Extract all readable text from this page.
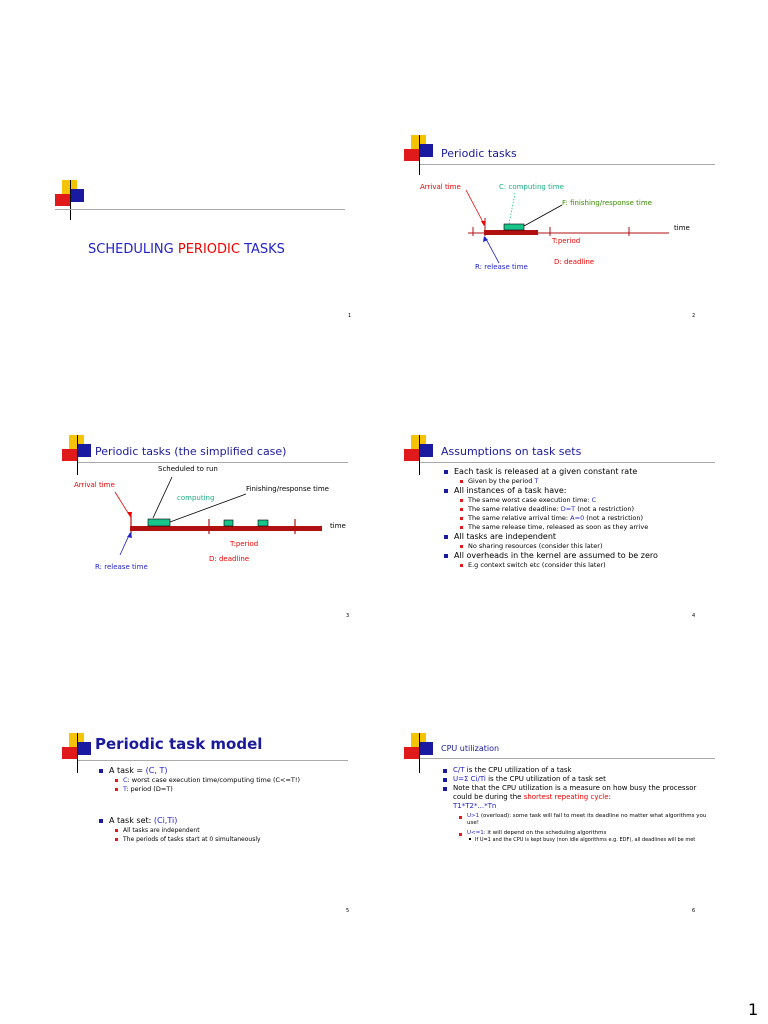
SCHEDULING PERIODIC TASKS
1
Periodic tasks
Arrival time	C: computing time
F: finishing/response time
time
T:period
D: deadline
R: release time
2
Periodic tasks (the simplified case)
Scheduled to run
Arrival time
computing
Finishing/response time
time
T:period
D: deadline
R: release time
3
Assumptions on task sets
Each task is released at a given constant rate
Given by the period T
All instances of a task have:
The same worst case execution time: C
The same relative deadline: D=T (not a restriction)
The same relative arrival time: A=0 (not a restriction)
The same release time, released as soon as they arrive
All tasks are independent
No sharing resources (consider this later)
All overheads in the kernel are assumed to be zero
E.g context switch etc (consider this later)
4
Periodic task model
A task = (C, T)
C: worst case execution time/computing time (C<=T!)
T: period (D=T)
A task set: (Ci,Ti)
All tasks are independent
The periods of tasks start at 0 simultaneously
5
CPU utilization
C/T is the CPU utilization of a task
U=Σ Ci/Ti is the CPU utilization of a task set
Note that the CPU utilization is a measure on how busy the processor could be during the shortest repeating cycle:
T1*T2*...*Tn
U>1 (overload): some task will fail to meet its deadline no matter what algorithms you use!
U<=1: it will depend on the scheduling algorithms
If U=1 and the CPU is kept busy (non idle algorithms e.g. EDF), all deadlines will be met
6
1
